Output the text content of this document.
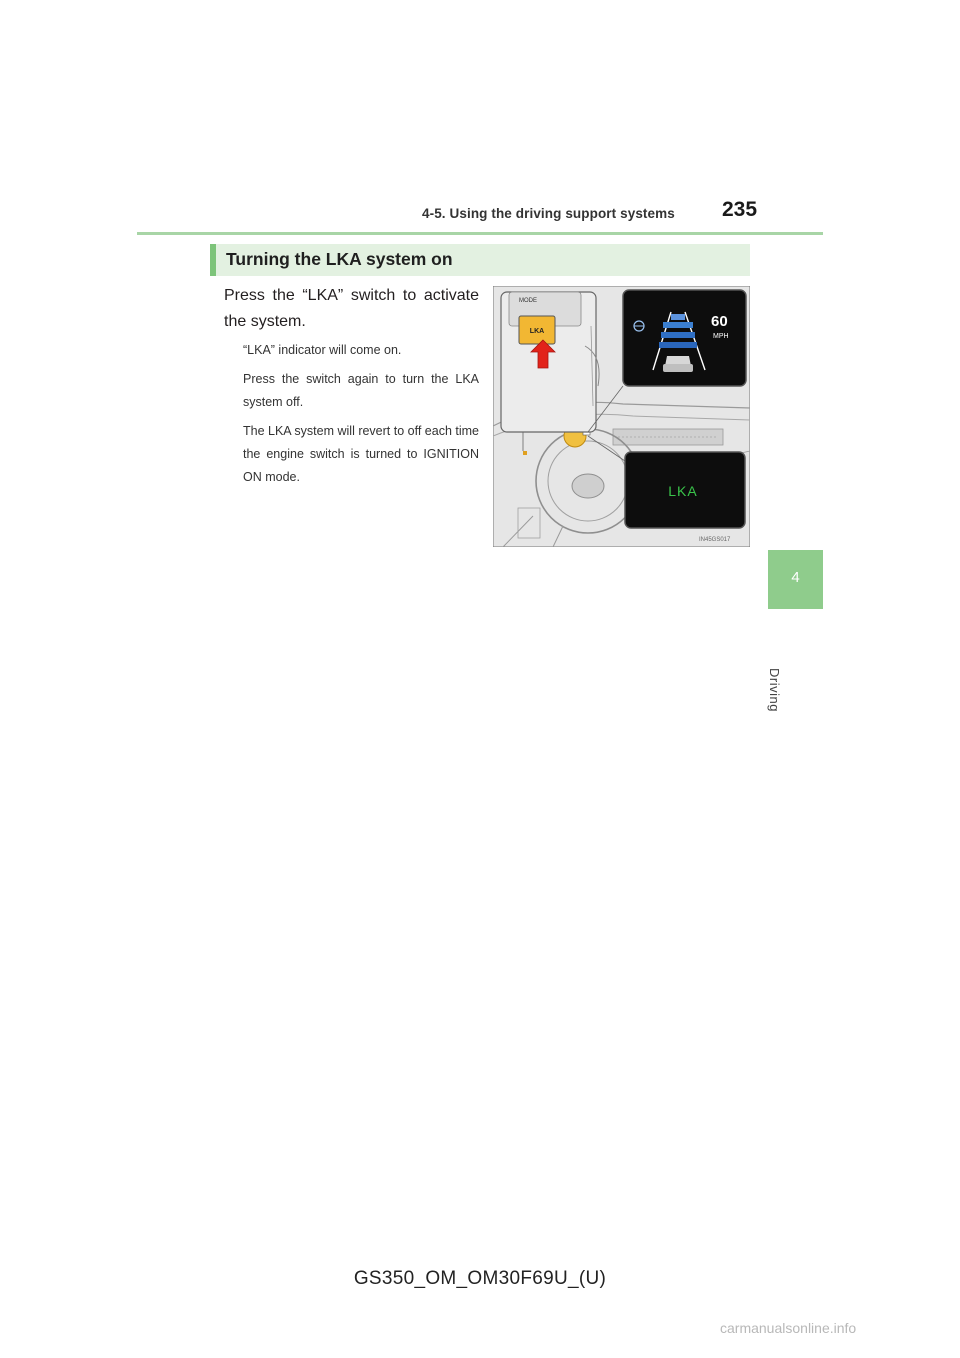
4-5. Using the driving support systems 235
4
Driving
Turning the LKA system on
Press the “LKA” switch to activate the system.

“LKA” indicator will come on.

Press the switch again to turn the LKA system off.

The LKA system will revert to off each time the engine switch is turned to IGNITION ON mode.

MODE
LKA
60
MPH
LKA
IN45GS017
GS350_OM_OM30F69U_(U)
carmanualsonline.info
